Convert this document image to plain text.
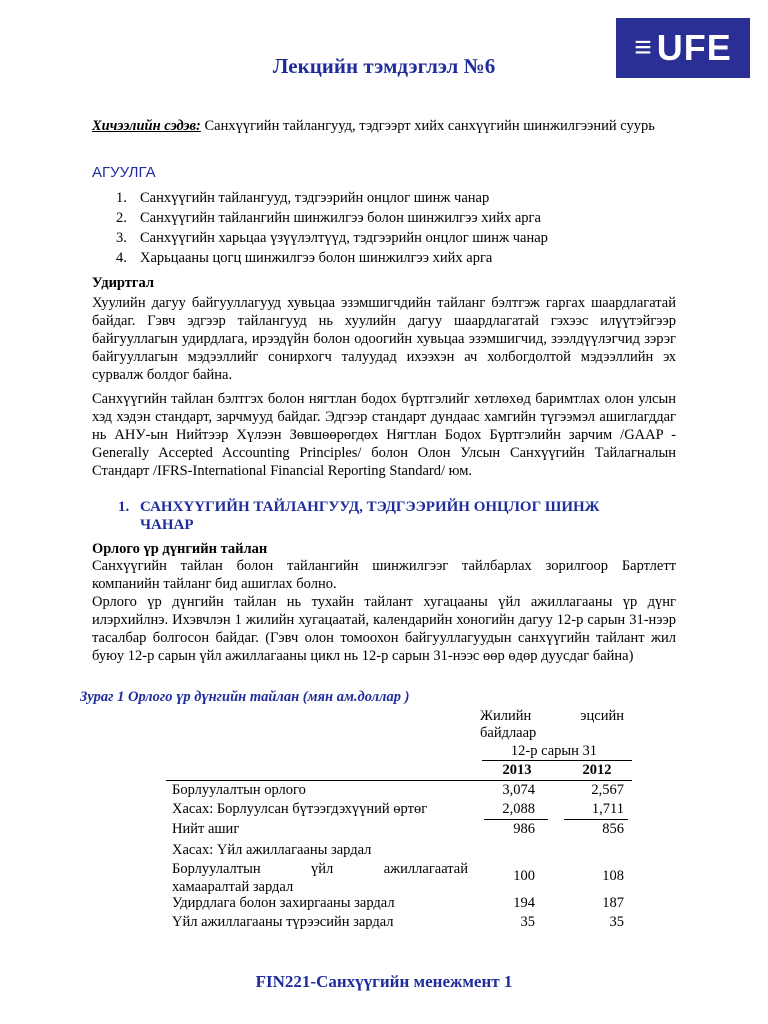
≡ UFE
Лекцийн тэмдэглэл №6
Хичээлийн сэдэв: Санхүүгийн тайлангууд, тэдгээрт хийх санхүүгийн шинжилгээний суурь
АГУУЛГА
1. Санхүүгийн тайлангууд, тэдгээрийн онцлог шинж чанар
2. Санхүүгийн тайлангийн шинжилгээ болон шинжилгээ хийх арга
3. Санхүүгийн харьцаа үзүүлэлтүүд, тэдгээрийн онцлог шинж чанар
4. Харьцааны цогц шинжилгээ болон шинжилгээ хийх арга
Удиртгал
Хуулийн дагуу байгууллагууд хувьцаа эзэмшигчдийн тайланг бэлтгэж гаргах шаардлагатай байдаг. Гэвч эдгээр тайлангууд нь хуулийн дагуу шаардлагатай гэхээс илүүтэйгээр байгууллагын удирдлага, ирээдүйн болон одоогийн хувьцаа эзэмшигчид, зээлдүүлэгчид зэрэг байгууллагын мэдээллийг сонирхогч талуудад ихээхэн ач холбогдолтой мэдээллийн эх сурвалж болдог байна.
Санхүүгийн тайлан бэлтгэх болон нягтлан бодох бүртгэлийг хөтлөхөд баримтлах олон улсын хэд хэдэн стандарт, зарчмууд байдаг. Эдгээр стандарт дундаас хамгийн түгээмэл ашиглагддаг нь АНУ-ын Нийтээр Хүлээн Зөвшөөрөгдөх Нягтлан Бодох Бүртгэлийн зарчим /GAAP - Generally Accepted Accounting Principles/ болон Олон Улсын Санхүүгийн Тайлагналын Стандарт /IFRS-International Financial Reporting Standard/ юм.
1. САНХҮҮГИЙН ТАЙЛАНГУУД, ТЭДГЭЭРИЙН ОНЦЛОГ ШИНЖ ЧАНАР
Орлого үр дүнгийн тайлан
Санхүүгийн тайлан болон тайлангийн шинжилгээг тайлбарлах зорилгоор Бартлетт компанийн тайланг бид ашиглах болно.
Орлого үр дүнгийн тайлан нь тухайн тайлант хугацааны үйл ажиллагааны үр дүнг илэрхийлнэ. Ихэвчлэн 1 жилийн хугацаатай, календарийн хоногийн дагуу 12-р сарын 31-нээр тасалбар болгосон байдаг. (Гэвч олон томоохон байгууллагуудын санхүүгийн тайлант жил буюу 12-р сарын үйл ажиллагааны цикл нь 12-р сарын 31-нээс өөр өдөр дуусдаг байна)
Зураг 1 Орлого үр дүнгийн тайлан (мян ам.доллар )
Жилийн эцсийн
байдлаар
12-р сарын 31
2013	2012
Борлуулалтын орлого	3,074	2,567
Хасах: Борлуулсан бүтээгдэхүүний өртөг	2,088	1,711
Нийт ашиг	986	856
Хасах: Үйл ажиллагааны зардал
Борлуулалтын үйл ажиллагаатай
хамааралтай зардал
100	108
Удирдлага болон захиргааны зардал	194	187
Үйл ажиллагааны түрээсийн зардал	35	35
FIN221-Санхүүгийн менежмент 1
